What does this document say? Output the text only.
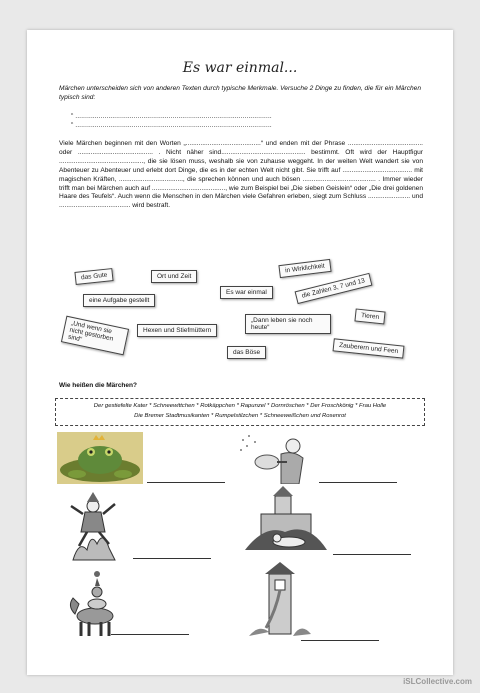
Es war einmal...
Märchen unterscheiden sich von anderen Texten durch typische Merkmale. Versuche 2 Dinge zu finden, die für ein Märchen typisch sind:
“ .....................................................................................................
“ .....................................................................................................
Viele Märchen beginnen mit den Worten „.........................................“ und enden mit der Phrase ......................................... oder ......................................... . Nicht näher sind.............................................. bestimmt. Oft wird der Hauptfigur .............................................., die sie lösen muss, weshalb sie von zuhause weggeht. In der weiten Welt wandert sie von Abenteuer zu Abenteuer und erlebt dort Dinge, die es in der echten Welt nicht gibt. Sie trifft auf ...................................... mit magischen Kräften, ..................................., die sprechen können und auch bösen ........................................ . Immer wieder trifft man bei Märchen auch auf ........................................, wie zum Beispiel bei „Die sieben Geislein“ oder „Die drei goldenen Haare des Teufels“. Auch wenn die Menschen in den Märchen viele Gefahren erleben, siegt zum Schluss ....................... und ....................................... wird bestraft.
das Gute	Ort und Zeit
in Wirklichkeit
eine Aufgabe gestellt
Es war einmal	die Zahlen 3, 7 und 13
„Und wenn sie nicht gestorben sind“
Hexen und Stiefmüttern
„Dann leben sie noch heute“
Tieren
das Böse	Zauberern und Feen
Wie heißen die Märchen?
Der gestiefelte Kater * Schneewittchen * Rotkäppchen * Rapunzel * Dornröschen * Der Froschkönig * Frau Holle
Die Bremer Stadtmusikanten * Rumpelstilzchen * Schneeweißchen und Rosenrot
iSLCollective.com
